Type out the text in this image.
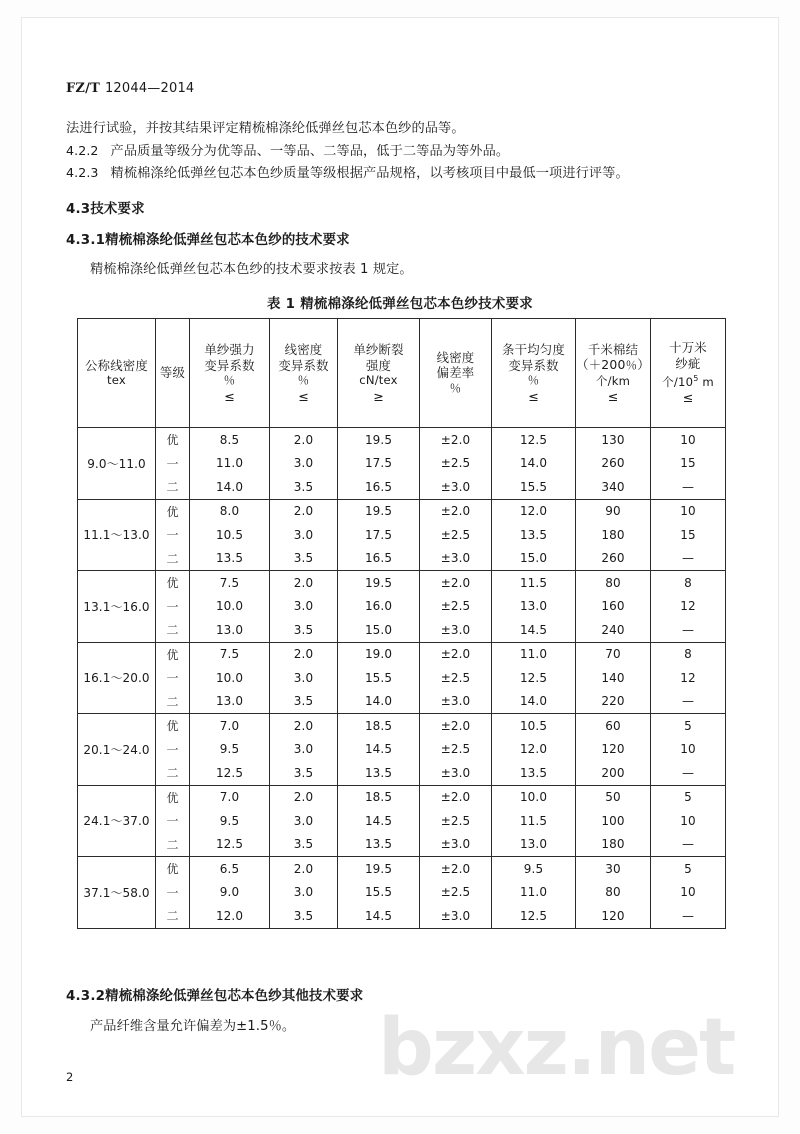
bzxz.net
FZ/T 12044—2014
法进行试验，并按其结果评定精梳棉涤纶低弹丝包芯本色纱的品等。
4.2.2 产品质量等级分为优等品、一等品、二等品，低于二等品为等外品。
4.2.3 精梳棉涤纶低弹丝包芯本色纱质量等级根据产品规格，以考核项目中最低一项进行评等。
4.3技术要求
4.3.1精梳棉涤纶低弹丝包芯本色纱的技术要求
精梳棉涤纶低弹丝包芯本色纱的技术要求按表 1 规定。
表 1 精梳棉涤纶低弹丝包芯本色纱技术要求
公称线密度
tex	等级	单纱强力
变异系数
％
≤	线密度
变异系数
％
≤	单纱断裂
强度
cN/tex
≥	线密度
偏差率
％	条干均匀度
变异系数
％
≤	千米棉结
（＋200％）
个/km
≤	十万米
纱疵
个$/10^5$ m
≤

9.0～11.0	优	8.5	2.0	19.5	±2.0	12.5	130	10
	一	11.0	3.0	17.5	±2.5	14.0	260	15
	二	14.0	3.5	16.5	±3.0	15.5	340	—
11.1～13.0	优	8.0	2.0	19.5	±2.0	12.0	90	10
	一	10.5	3.0	17.5	±2.5	13.5	180	15
	二	13.5	3.5	16.5	±3.0	15.0	260	—
13.1～16.0	优	7.5	2.0	19.5	±2.0	11.5	80	8
	一	10.0	3.0	16.0	±2.5	13.0	160	12
	二	13.0	3.5	15.0	±3.0	14.5	240	—
16.1～20.0	优	7.5	2.0	19.0	±2.0	11.0	70	8
	一	10.0	3.0	15.5	±2.5	12.5	140	12
	二	13.0	3.5	14.0	±3.0	14.0	220	—
20.1～24.0	优	7.0	2.0	18.5	±2.0	10.5	60	5
	一	9.5	3.0	14.5	±2.5	12.0	120	10
	二	12.5	3.5	13.5	±3.0	13.5	200	—
24.1～37.0	优	7.0	2.0	18.5	±2.0	10.0	50	5
	一	9.5	3.0	14.5	±2.5	11.5	100	10
	二	12.5	3.5	13.5	±3.0	13.0	180	—
37.1～58.0	优	6.5	2.0	19.5	±2.0	9.5	30	5
	一	9.0	3.0	15.5	±2.5	11.0	80	10
	二	12.0	3.5	14.5	±3.0	12.5	120	—
4.3.2精梳棉涤纶低弹丝包芯本色纱其他技术要求
产品纤维含量允许偏差为±1.5％。
2
